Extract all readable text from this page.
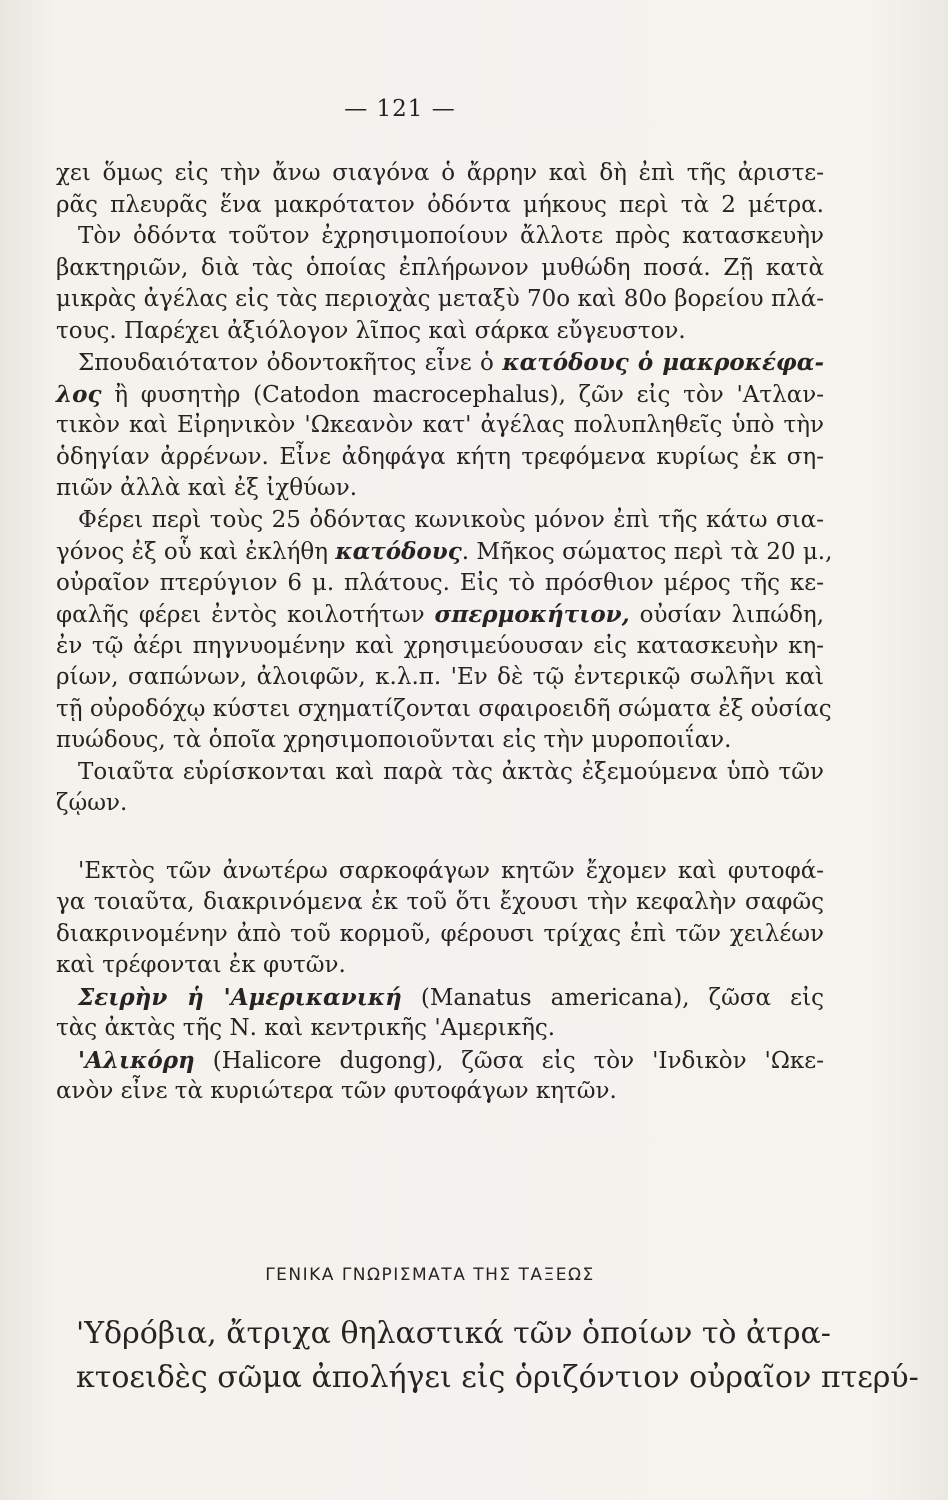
— 121 —
χει ὅμως εἰς τὴν ἄνω σιαγόνα ὁ ἄρρην καὶ δὴ ἐπὶ τῆς ἀριστε-
ρᾶς πλευρᾶς ἕνα μακρότατον ὀδόντα μήκους περὶ τὰ 2 μέτρα.
Τὸν ὀδόντα τοῦτον ἐχρησιμοποίουν ἄλλοτε πρὸς κατασκευὴν
βακτηριῶν, διὰ τὰς ὁποίας ἐπλήρωνον μυθώδη ποσά. Ζῇ κατὰ
μικρὰς ἀγέλας εἰς τὰς περιοχὰς μεταξὺ 70ο καὶ 80ο βορείου πλά-
τους. Παρέχει ἀξιόλογον λῖπος καὶ σάρκα εὔγευστον.
Σπουδαιότατον ὀδοντοκῆτος εἶνε ὁ κατόδους ὁ μακροκέφα-
λος ἢ φυσητὴρ (Catodon macrocephalus), ζῶν εἰς τὸν 'Ατλαν-
τικὸν καὶ Εἰρηνικὸν 'Ωκεανὸν κατ' ἀγέλας πολυπληθεῖς ὑπὸ τὴν
ὁδηγίαν ἀρρένων. Εἶνε ἀδηφάγα κήτη τρεφόμενα κυρίως ἐκ ση-
πιῶν ἀλλὰ καὶ ἐξ ἰχθύων.
Φέρει περὶ τοὺς 25 ὀδόντας κωνικοὺς μόνον ἐπὶ τῆς κάτω σια-
γόνος ἐξ οὗ καὶ ἐκλήθη κατόδους. Μῆκος σώματος περὶ τὰ 20 μ.,
οὐραῖον πτερύγιον 6 μ. πλάτους. Εἰς τὸ πρόσθιον μέρος τῆς κε-
φαλῆς φέρει ἐντὸς κοιλοτήτων σπερμοκήτιον, οὐσίαν λιπώδη,
ἐν τῷ ἀέρι πηγνυομένην καὶ χρησιμεύουσαν εἰς κατασκευὴν κη-
ρίων, σαπώνων, ἀλοιφῶν, κ.λ.π. 'Εν δὲ τῷ ἐντερικῷ σωλῆνι καὶ
τῇ οὐροδόχῳ κύστει σχηματίζονται σφαιροειδῆ σώματα ἐξ οὐσίας
πυώδους, τὰ ὁποῖα χρησιμοποιοῦνται εἰς τὴν μυροποιΐαν.
Τοιαῦτα εὑρίσκονται καὶ παρὰ τὰς ἀκτὰς ἐξεμούμενα ὑπὸ τῶν
ζῴων.
'Εκτὸς τῶν ἀνωτέρω σαρκοφάγων κητῶν ἔχομεν καὶ φυτοφά-
γα τοιαῦτα, διακρινόμενα ἐκ τοῦ ὅτι ἔχουσι τὴν κεφαλὴν σαφῶς
διακρινομένην ἀπὸ τοῦ κορμοῦ, φέρουσι τρίχας ἐπὶ τῶν χειλέων
καὶ τρέφονται ἐκ φυτῶν.
Σειρὴν ἡ 'Αμερικανική (Manatus americana), ζῶσα εἰς
τὰς ἀκτὰς τῆς Ν. καὶ κεντρικῆς 'Αμερικῆς.
'Αλικόρη (Halicore dugong), ζῶσα εἰς τὸν 'Ινδικὸν 'Ωκε-
ανὸν εἶνε τὰ κυριώτερα τῶν φυτοφάγων κητῶν.
ΓΕΝΙΚΑ ΓΝΩΡΙΣΜΑΤΑ ΤΗΣ ΤΑΞΕΩΣ
'Υδρόβια, ἄτριχα θηλαστικά τῶν ὁποίων τὸ ἀτρα-
κτοειδὲς σῶμα ἀπολήγει εἰς ὁριζόντιον οὐραῖον πτερύ-
